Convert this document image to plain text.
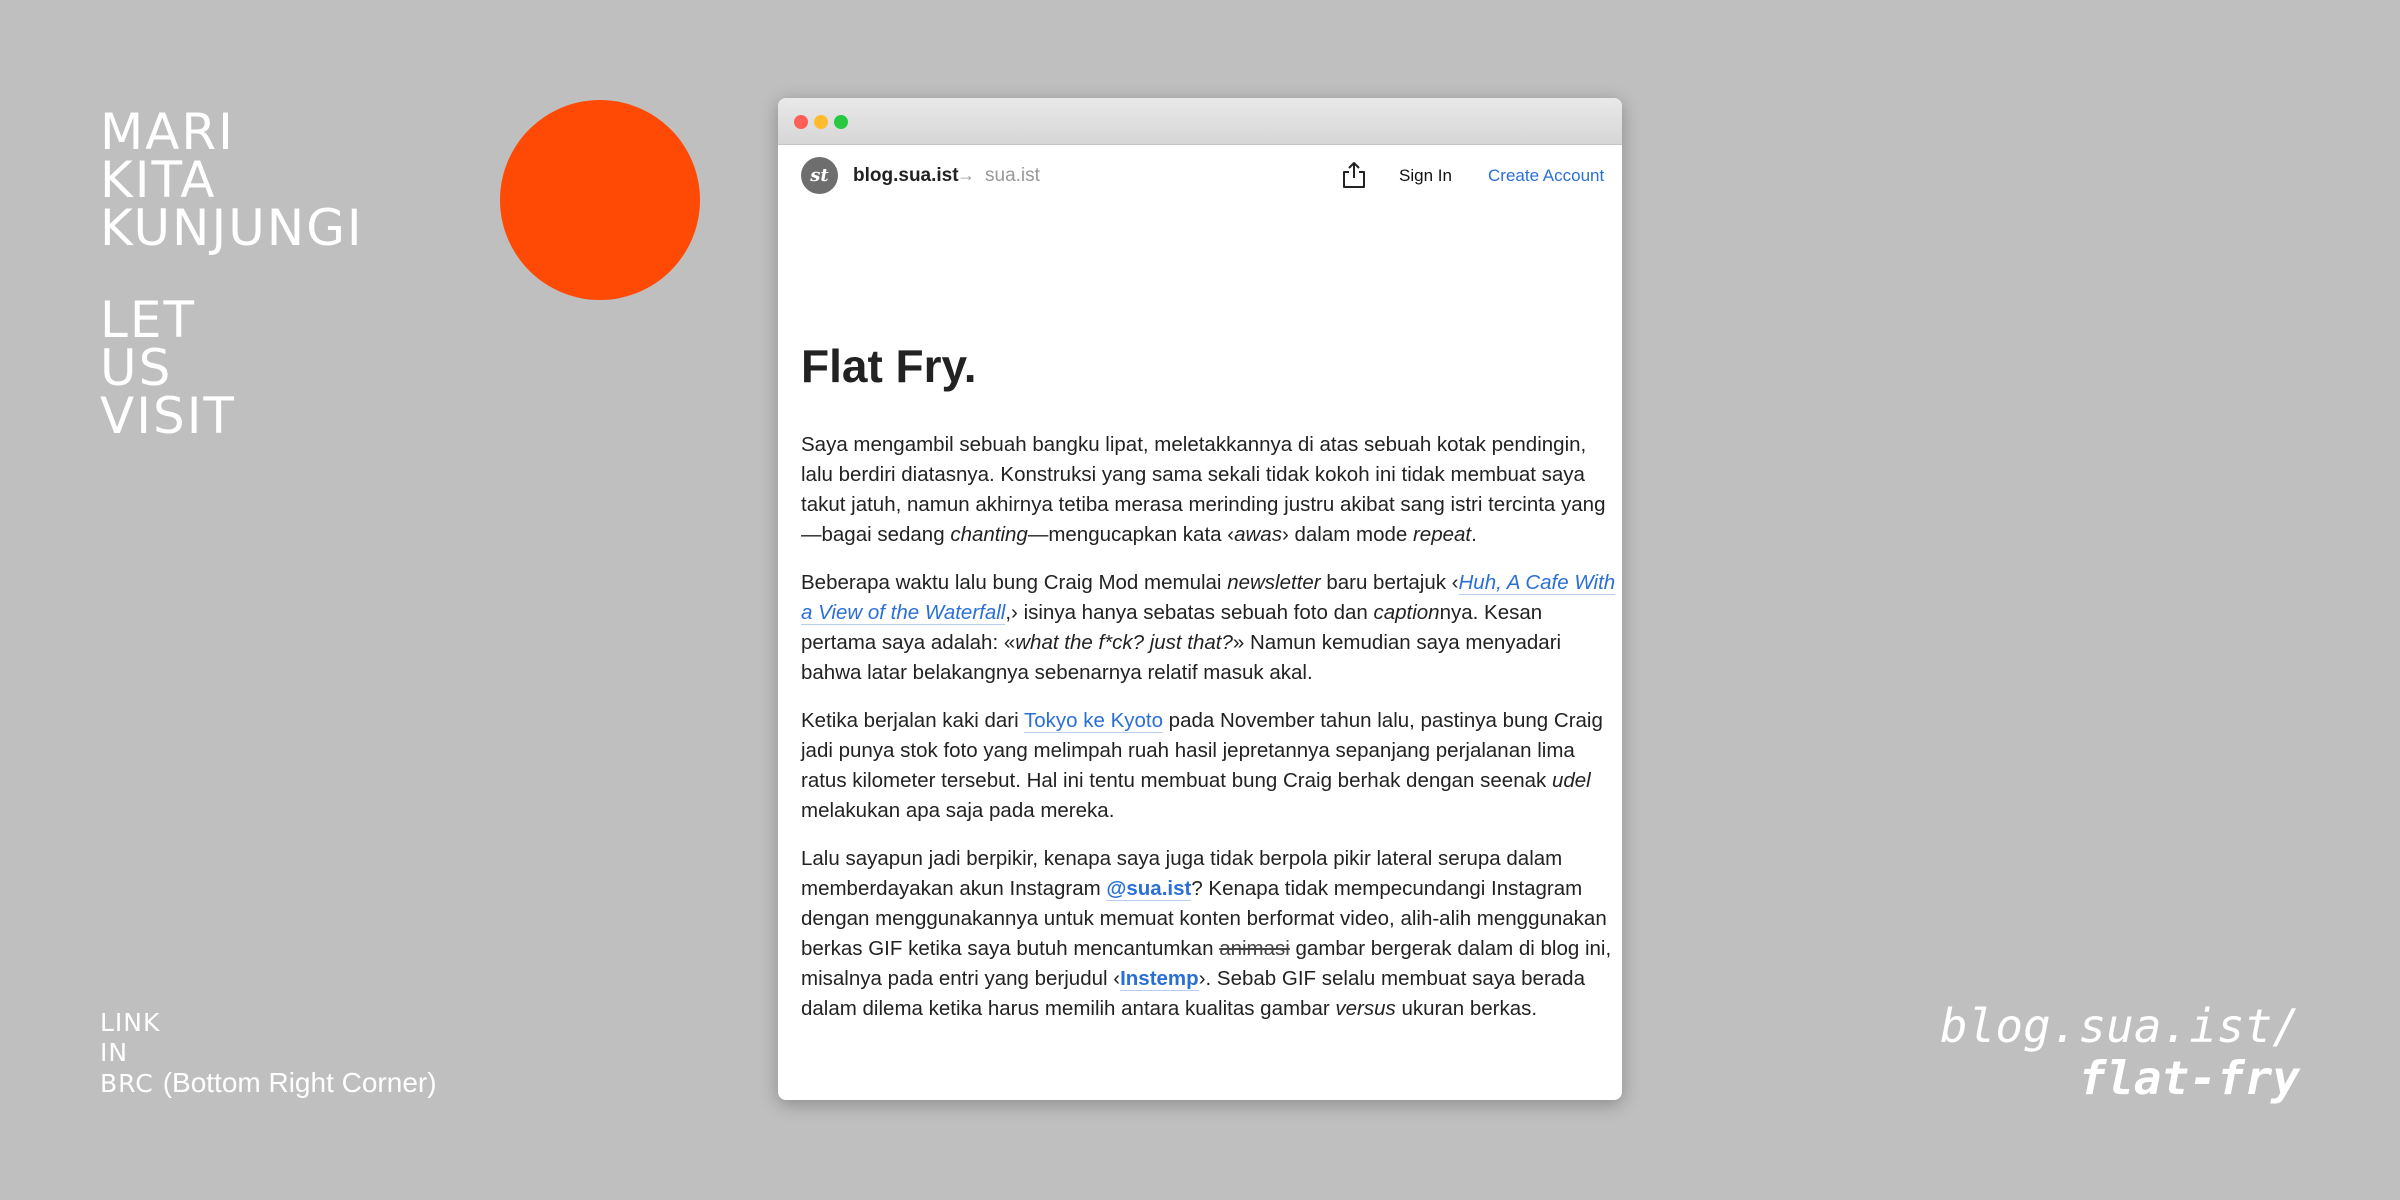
MARI
KITA
KUNJUNGI
LET
US
VISIT
LINK
IN
BRC (Bottom Right Corner)
blog.sua.ist/
flat-fry
st	blog.sua.ist
→ sua.ist	Sign In Create Account
Flat Fry.

Saya mengambil sebuah bangku lipat, meletakkannya di atas sebuah kotak pendingin, lalu berdiri diatasnya. Konstruksi yang sama sekali tidak kokoh ini tidak membuat saya takut jatuh, namun akhirnya tetiba merasa merinding justru akibat sang istri tercinta yang—bagai sedang chanting—mengucapkan kata ‹awas› dalam mode repeat.

Beberapa waktu lalu bung Craig Mod memulai newsletter baru bertajuk ‹Huh, A Cafe With a View of the Waterfall,› isinya hanya sebatas sebuah foto dan captionnya. Kesan pertama saya adalah: «what the f*ck? just that?» Namun kemudian saya menyadari bahwa latar belakangnya sebenarnya relatif masuk akal.

Ketika berjalan kaki dari Tokyo ke Kyoto pada November tahun lalu, pastinya bung Craig jadi punya stok foto yang melimpah ruah hasil jepretannya sepanjang perjalanan lima ratus kilometer tersebut. Hal ini tentu membuat bung Craig berhak dengan seenak udel melakukan apa saja pada mereka.

Lalu sayapun jadi berpikir, kenapa saya juga tidak berpola pikir lateral serupa dalam memberdayakan akun Instagram @sua.ist? Kenapa tidak mempecundangi Instagram dengan menggunakannya untuk memuat konten berformat video, alih-alih menggunakan berkas GIF ketika saya butuh mencantumkan animasi gambar bergerak dalam di blog ini, misalnya pada entri yang berjudul ‹Instemp›. Sebab GIF selalu membuat saya berada dalam dilema ketika harus memilih antara kualitas gambar versus ukuran berkas.
